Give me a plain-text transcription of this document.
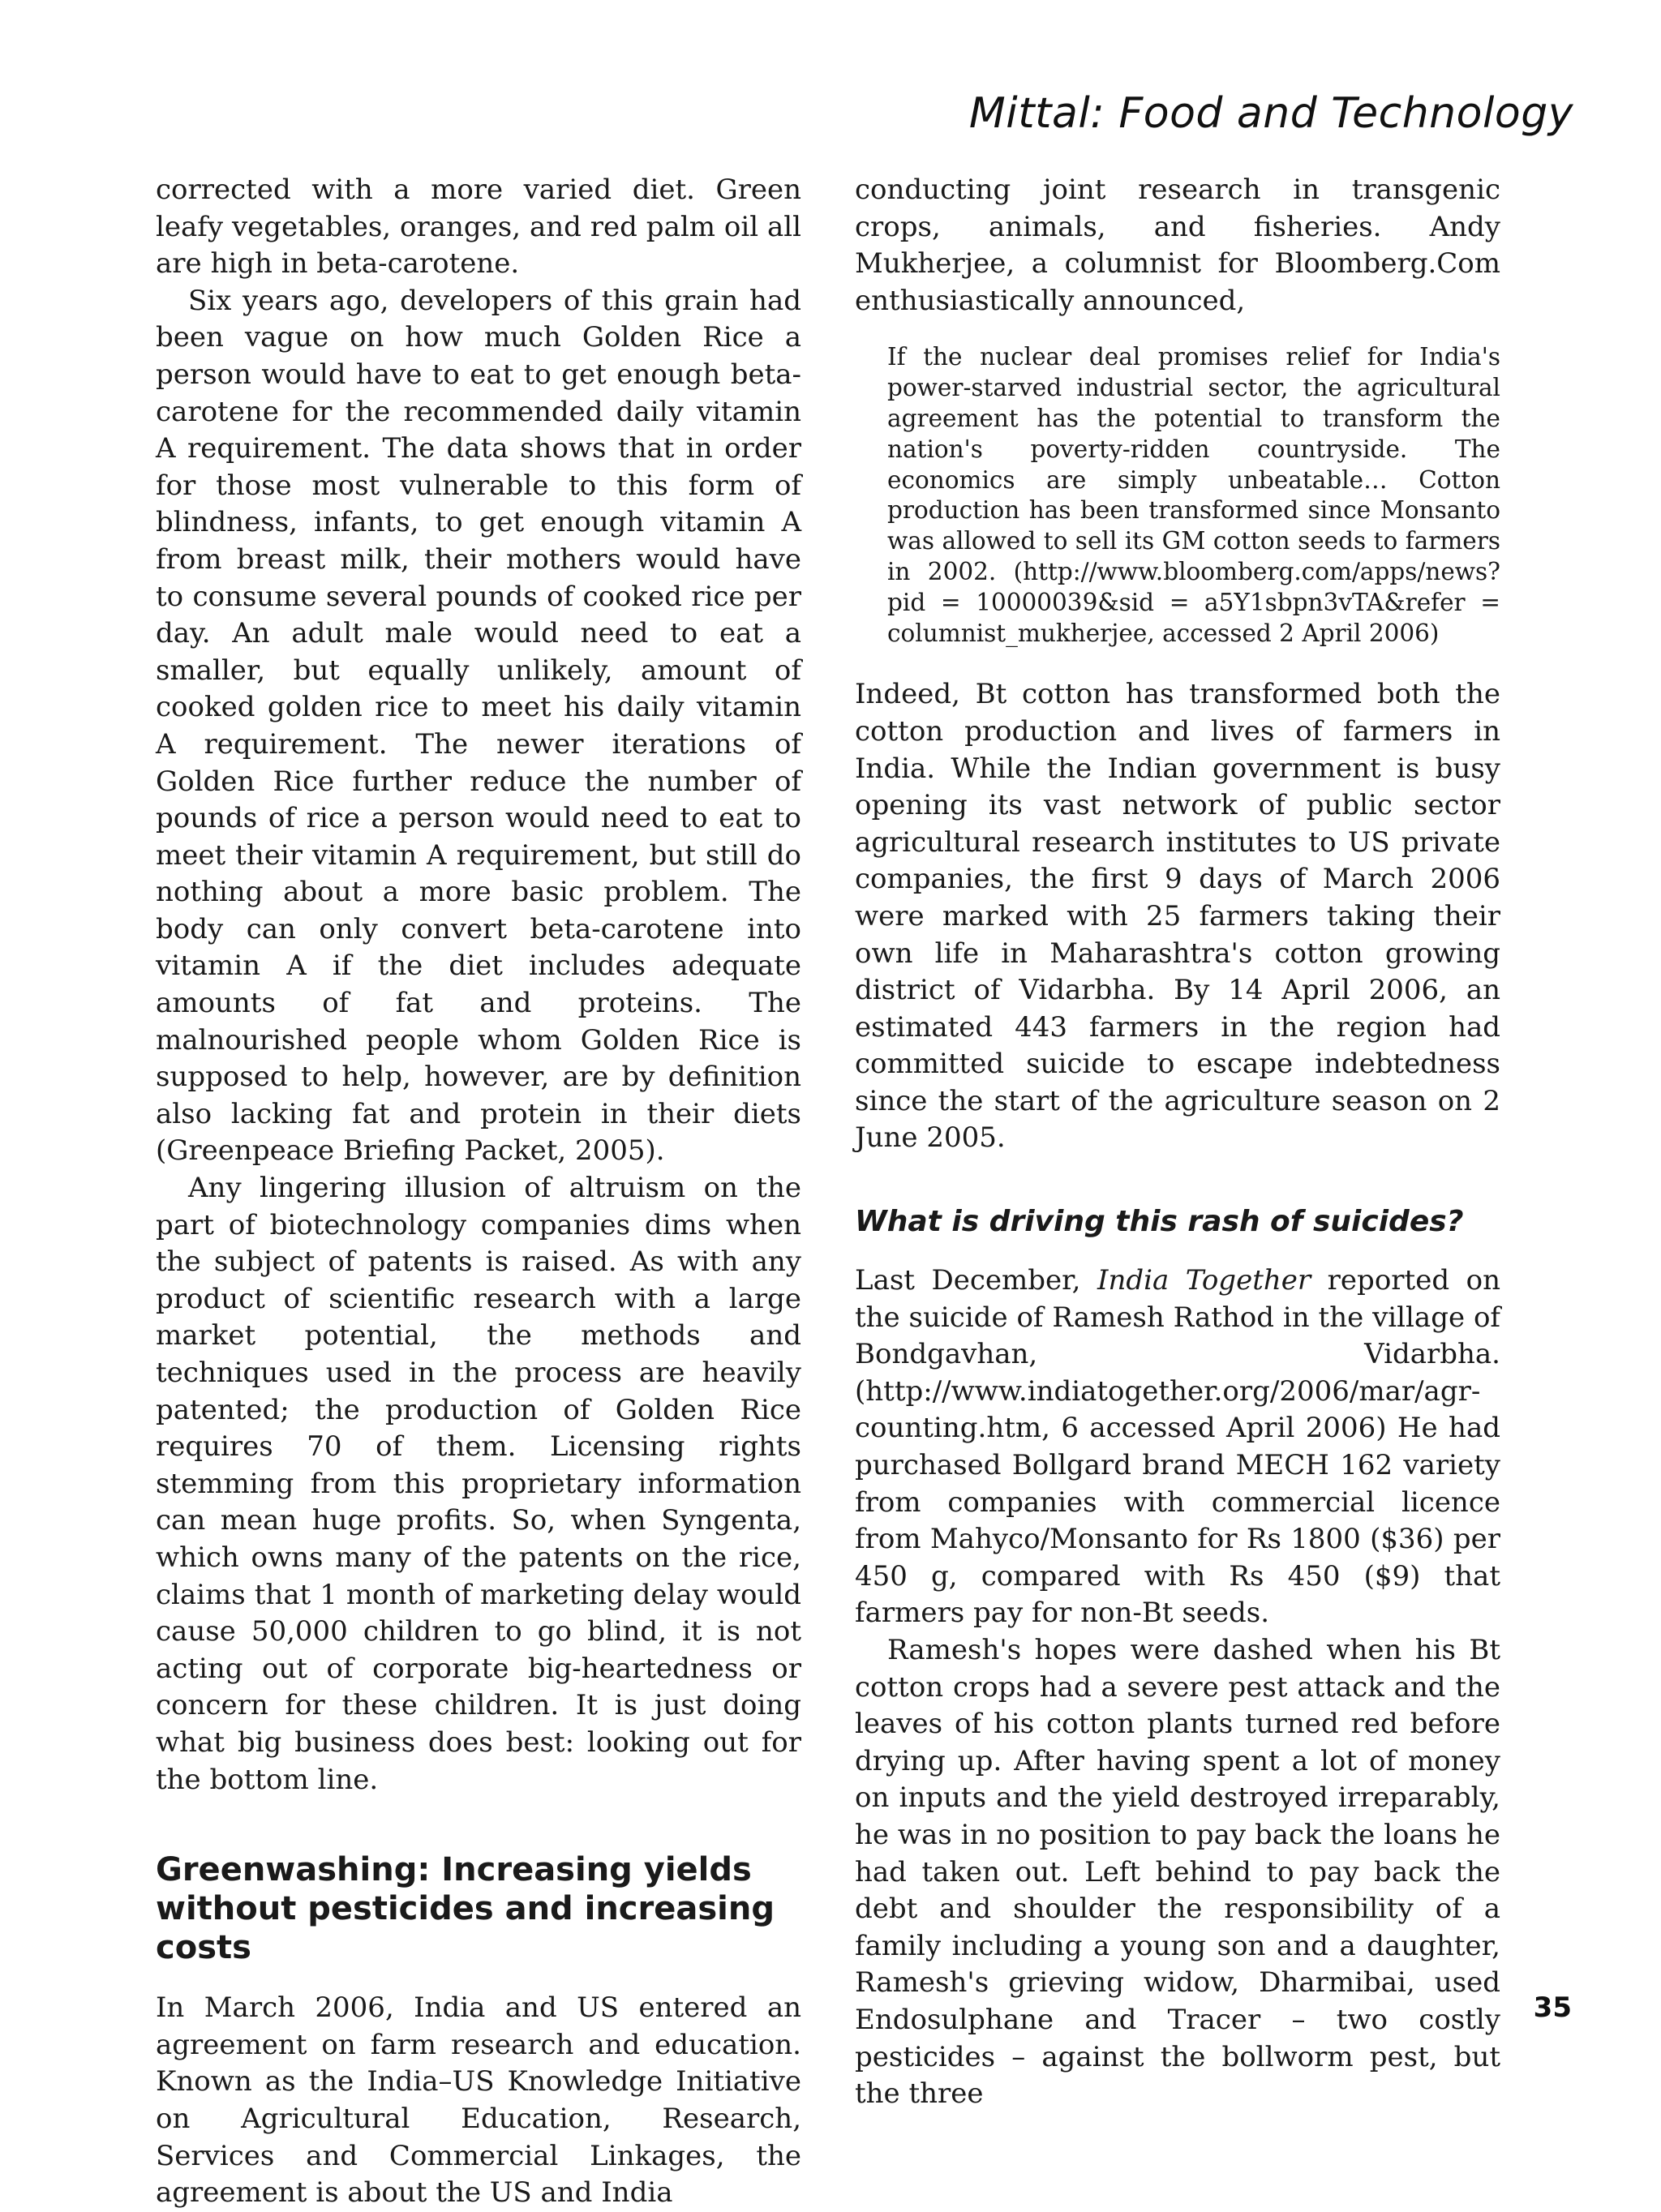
Mittal: Food and Technology

corrected with a more varied diet. Green leafy vegetables, oranges, and red palm oil all are high in beta-carotene.

Six years ago, developers of this grain had been vague on how much Golden Rice a person would have to eat to get enough beta-carotene for the recommended daily vitamin A requirement. The data shows that in order for those most vulnerable to this form of blindness, infants, to get enough vitamin A from breast milk, their mothers would have to consume several pounds of cooked rice per day. An adult male would need to eat a smaller, but equally unlikely, amount of cooked golden rice to meet his daily vitamin A requirement. The newer iterations of Golden Rice further reduce the number of pounds of rice a person would need to eat to meet their vitamin A requirement, but still do nothing about a more basic problem. The body can only convert beta-carotene into vitamin A if the diet includes adequate amounts of fat and proteins. The malnourished people whom Golden Rice is supposed to help, however, are by definition also lacking fat and protein in their diets (Greenpeace Briefing Packet, 2005).

Any lingering illusion of altruism on the part of biotechnology companies dims when the subject of patents is raised. As with any product of scientific research with a large market potential, the methods and techniques used in the process are heavily patented; the production of Golden Rice requires 70 of them. Licensing rights stemming from this proprietary information can mean huge profits. So, when Syngenta, which owns many of the patents on the rice, claims that 1 month of marketing delay would cause 50,000 children to go blind, it is not acting out of corporate big-heartedness or concern for these children. It is just doing what big business does best: looking out for the bottom line.

Greenwashing: Increasing yields without pesticides and increasing costs

In March 2006, India and US entered an agreement on farm research and education. Known as the India–US Knowledge Initiative on Agricultural Education, Research, Services and Commercial Linkages, the agreement is about the US and India

conducting joint research in transgenic crops, animals, and fisheries. Andy Mukherjee, a columnist for Bloomberg.Com enthusiastically announced,

If the nuclear deal promises relief for India's power-starved industrial sector, the agricultural agreement has the potential to transform the nation's poverty-ridden countryside. The economics are simply unbeatable… Cotton production has been transformed since Monsanto was allowed to sell its GM cotton seeds to farmers in 2002. (http://www.bloomberg.com/apps/news?pid = 10000039&sid = a5Y1sbpn3vTA&refer = columnist_mukherjee, accessed 2 April 2006)

Indeed, Bt cotton has transformed both the cotton production and lives of farmers in India. While the Indian government is busy opening its vast network of public sector agricultural research institutes to US private companies, the first 9 days of March 2006 were marked with 25 farmers taking their own life in Maharashtra's cotton growing district of Vidarbha. By 14 April 2006, an estimated 443 farmers in the region had committed suicide to escape indebtedness since the start of the agriculture season on 2 June 2005.

What is driving this rash of suicides?

Last December, India Together reported on the suicide of Ramesh Rathod in the village of Bondgavhan, Vidarbha. (http://www.indiatogether.org/2006/mar/agr-counting.htm, 6 accessed April 2006) He had purchased Bollgard brand MECH 162 variety from companies with commercial licence from Mahyco/Monsanto for Rs 1800 ($36) per 450 g, compared with Rs 450 ($9) that farmers pay for non-Bt seeds.

Ramesh's hopes were dashed when his Bt cotton crops had a severe pest attack and the leaves of his cotton plants turned red before drying up. After having spent a lot of money on inputs and the yield destroyed irreparably, he was in no position to pay back the loans he had taken out. Left behind to pay back the debt and shoulder the responsibility of a family including a young son and a daughter, Ramesh's grieving widow, Dharmibai, used Endosulphane and Tracer – two costly pesticides – against the bollworm pest, but the three

35
